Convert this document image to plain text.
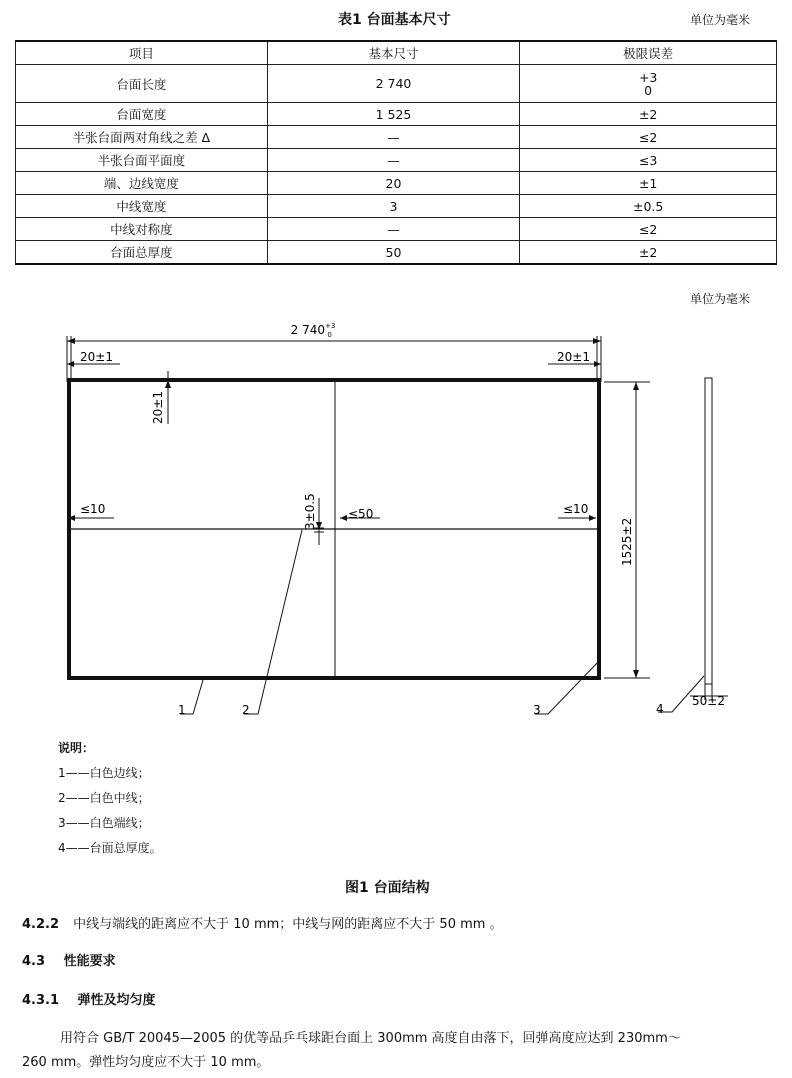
表1 台面基本尺寸	单位为毫米
项目	基本尺寸	极限误差
台面长度	2 740	+3
0

台面宽度	1 525	±2
半张台面两对角线之差 Δ	—	≤2
半张台面平面度	—	≤3
端、边线宽度	20	±1
中线宽度	3	±0.5
中线对称度	—	≤2
台面总厚度	50	±2
单位为毫米
2 $740^{+3}$ 0
20±1	20±1
20±1
3±0.5
≤10	≤50	≤10
1525±2
50±2
1	2	3	4
说明：
1——白色边线；
2——白色中线；
3——白色端线；
4——台面总厚度。
图1 台面结构
4.2.2 中线与端线的距离应不大于 10 mm；中线与网的距离应不大于 50 mm 。
4.3 性能要求
4.3.1 弹性及均匀度
用符合 GB/T 20045—2005 的优等品乒乓球距台面上 300mm 高度自由落下，回弹高度应达到 230mm～
260 mm。弹性均匀度应不大于 10 mm。
